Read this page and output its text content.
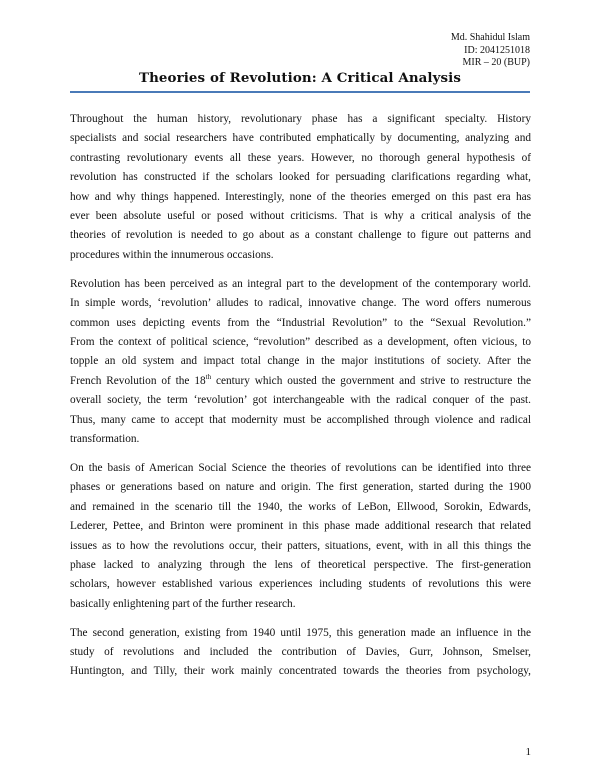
Md. Shahidul Islam
ID: 2041251018
MIR – 20 (BUP)
Theories of Revolution: A Critical Analysis

Throughout the human history, revolutionary phase has a significant specialty. History
specialists and social researchers have contributed emphatically by documenting, analyzing and
contrasting revolutionary events all these years. However, no thorough general hypothesis of
revolution has constructed if the scholars looked for persuading clarifications regarding what,
how and why things happened. Interestingly, none of the theories emerged on this past era has
ever been absolute useful or posed without criticisms. That is why a critical analysis of the
theories of revolution is needed to go about as a constant challenge to figure out patterns and
procedures within the innumerous occasions.

Revolution has been perceived as an integral part to the development of the contemporary world.
In simple words, ‘revolution’ alludes to radical, innovative change. The word offers numerous
common uses depicting events from the “Industrial Revolution” to the “Sexual Revolution.”
From the context of political science, “revolution” described as a development, often vicious, to
topple an old system and impact total change in the major institutions of society. After the
French Revolution of the 18th century which ousted the government and strive to restructure the
overall society, the term ‘revolution’ got interchangeable with the radical conquer of the past.
Thus, many came to accept that modernity must be accomplished through violence and radical
transformation.

On the basis of American Social Science the theories of revolutions can be identified into three
phases or generations based on nature and origin. The first generation, started during the 1900
and remained in the scenario till the 1940, the works of LeBon, Ellwood, Sorokin, Edwards,
Lederer, Pettee, and Brinton were prominent in this phase made additional research that related
issues as to how the revolutions occur, their patters, situations, event, with in all this things the
phase lacked to analyzing through the lens of theoretical perspective. The first-generation
scholars, however established various experiences including students of revolutions this were
basically enlightening part of the further research.

The second generation, existing from 1940 until 1975, this generation made an influence in the
study of revolutions and included the contribution of Davies, Gurr, Johnson, Smelser,
Huntington, and Tilly, their work mainly concentrated towards the theories from psychology,

1
